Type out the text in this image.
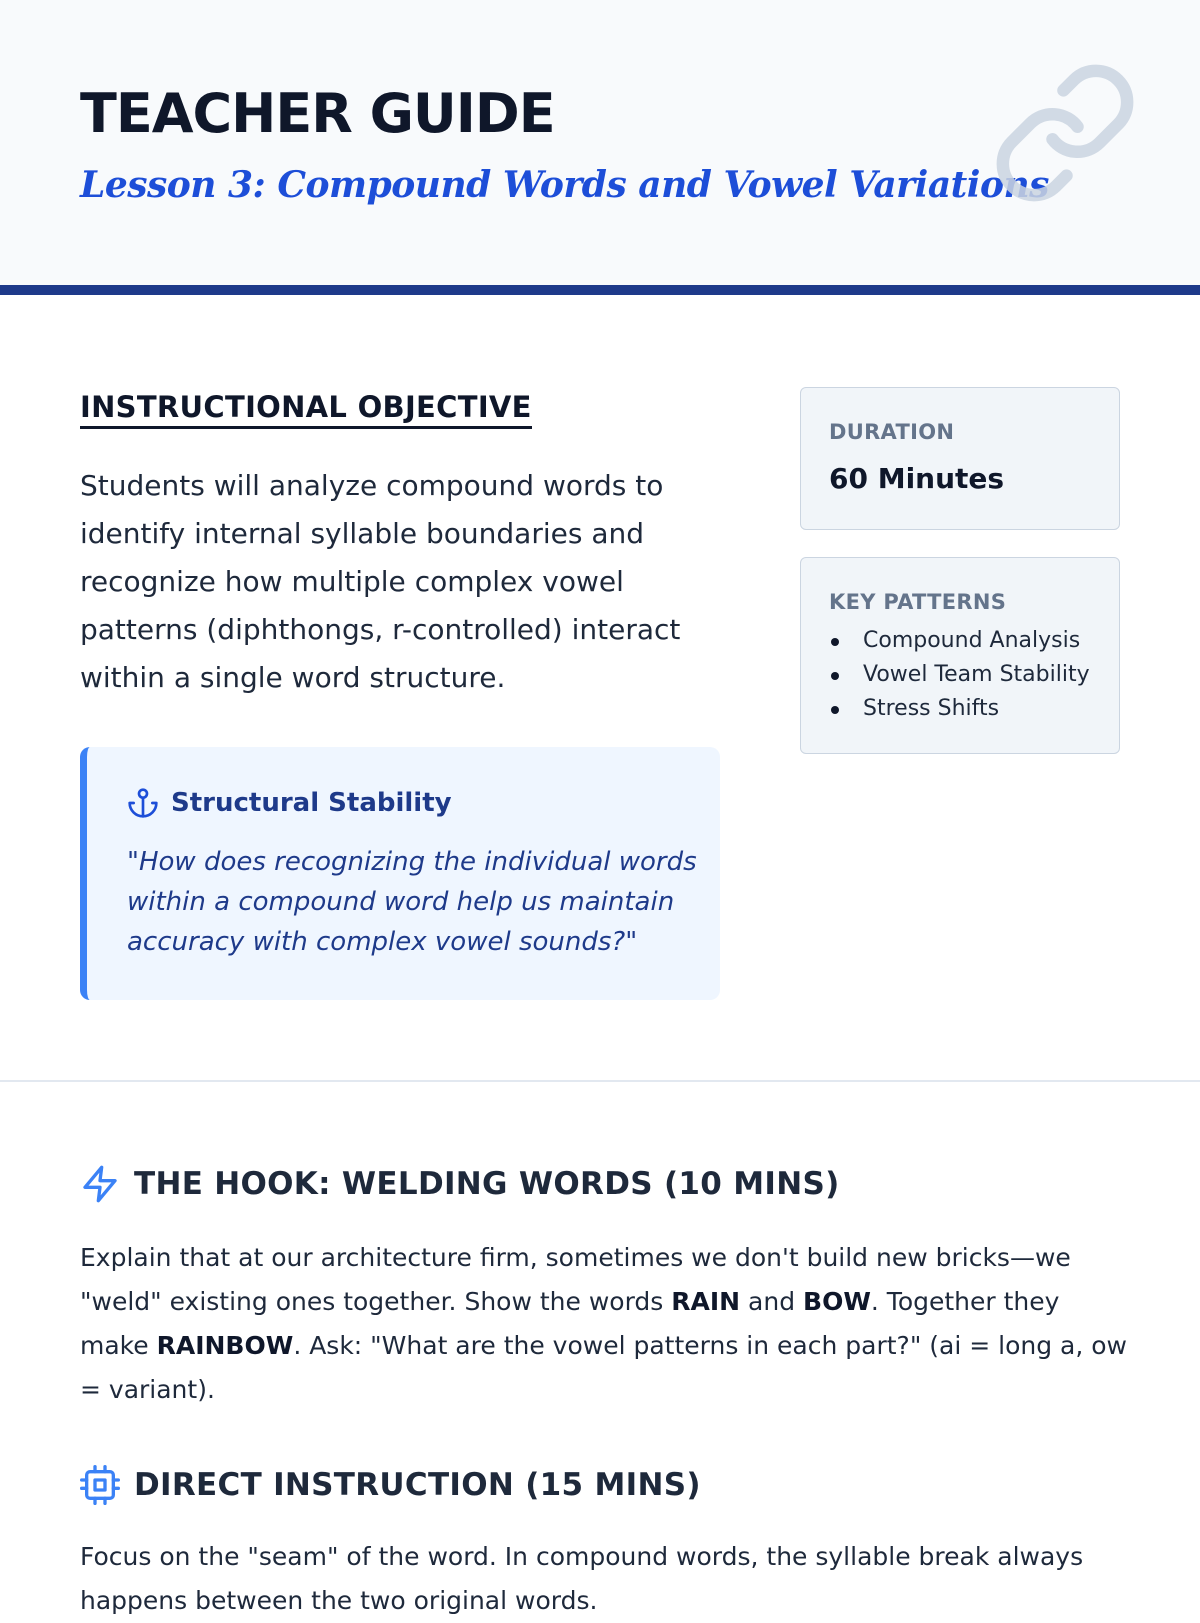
TEACHER GUIDE
Lesson 3: Compound Words and Vowel Variations
INSTRUCTIONAL OBJECTIVE
Students will analyze compound words to identify internal syllable boundaries and recognize how multiple complex vowel patterns (diphthongs, r-controlled) interact within a single word structure.
Structural Stability
"How does recognizing the individual words within a compound word help us maintain accuracy with complex vowel sounds?"
DURATION
60 Minutes
KEY PATTERNS
Compound Analysis
Vowel Team Stability
Stress Shifts
THE HOOK: WELDING WORDS (10 MINS)

Explain that at our architecture firm, sometimes we don't build new bricks—we "weld" existing ones together. Show the words RAIN and BOW. Together they make RAINBOW. Ask: "What are the vowel patterns in each part?" (ai = long a, ow = variant).

DIRECT INSTRUCTION (15 MINS)

Focus on the "seam" of the word. In compound words, the syllable break always happens between the two original words.
